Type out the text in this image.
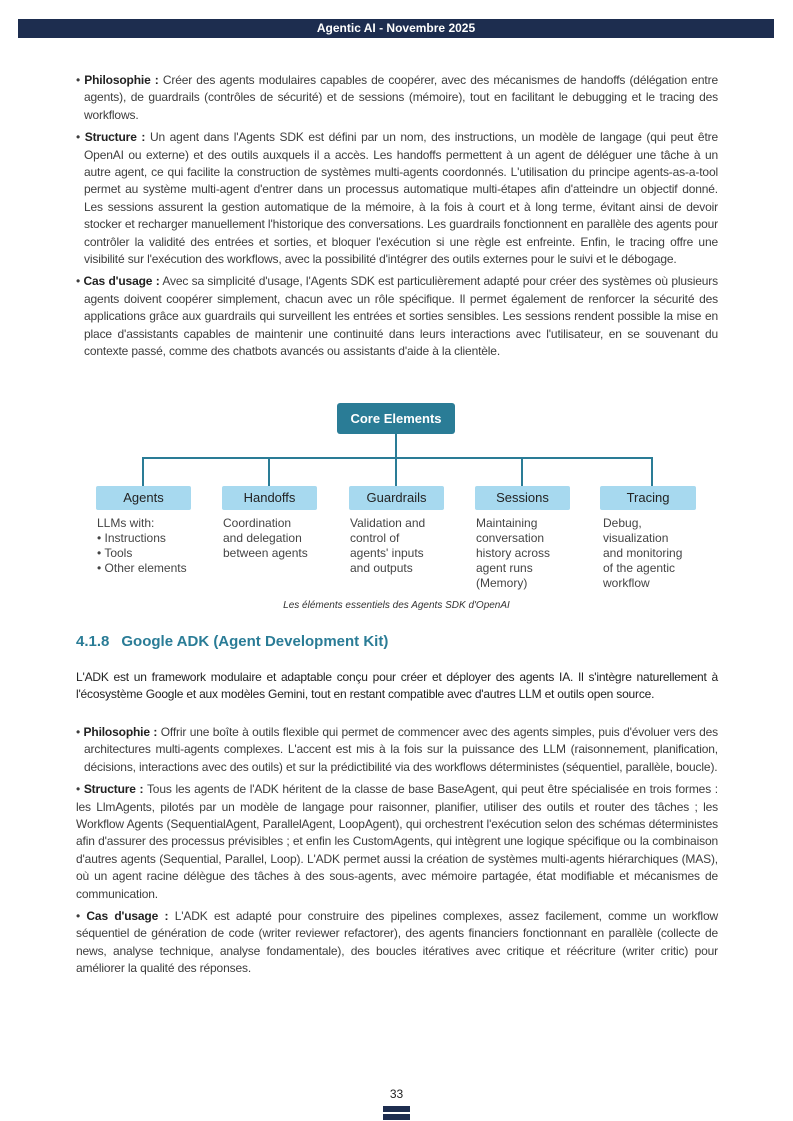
Agentic AI - Novembre 2025

• Philosophie : Créer des agents modulaires capables de coopérer, avec des mécanismes de handoffs (délégation entre agents), de guardrails (contrôles de sécurité) et de sessions (mémoire), tout en facilitant le debugging et le tracing des workflows.

• Structure : Un agent dans l'Agents SDK est défini par un nom, des instructions, un modèle de langage (qui peut être OpenAI ou externe) et des outils auxquels il a accès. Les handoffs permettent à un agent de déléguer une tâche à un autre agent, ce qui facilite la construction de systèmes multi-agents coordonnés. L'utilisation du principe agents-as-a-tool permet au système multi-agent d'entrer dans un processus automatique multi-étapes afin d'atteindre un objectif donné. Les sessions assurent la gestion automatique de la mémoire, à la fois à court et à long terme, évitant ainsi de devoir stocker et recharger manuellement l'historique des conversations. Les guardrails fonctionnent en parallèle des agents pour contrôler la validité des entrées et sorties, et bloquer l'exécution si une règle est enfreinte. Enfin, le tracing offre une visibilité sur l'exécution des workflows, avec la possibilité d'intégrer des outils externes pour le suivi et le débogage.

• Cas d'usage : Avec sa simplicité d'usage, l'Agents SDK est particulièrement adapté pour créer des systèmes où plusieurs agents doivent coopérer simplement, chacun avec un rôle spécifique. Il permet également de renforcer la sécurité des applications grâce aux guardrails qui surveillent les entrées et sorties sensibles. Les sessions rendent possible la mise en place d'assistants capables de maintenir une continuité dans leurs interactions avec l'utilisateur, en se souvenant du contexte passé, comme des chatbots avancés ou assistants d'aide à la clientèle.

Core Elements
Agents	Handoffs	Guardrails	Sessions	Tracing
LLMs with:
• Instructions
• Tools
• Other elements
Coordination
and delegation
between agents
Validation and
control of
agents' inputs
and outputs
Maintaining
conversation
history across
agent runs
(Memory)
Debug,
visualization
and monitoring
of the agentic
workflow
Les éléments essentiels des Agents SDK d'OpenAI
4.1.8 Google ADK (Agent Development Kit)
L'ADK est un framework modulaire et adaptable conçu pour créer et déployer des agents IA. Il s'intègre naturellement à l'écosystème Google et aux modèles Gemini, tout en restant compatible avec d'autres LLM et outils open source.

• Philosophie : Offrir une boîte à outils flexible qui permet de commencer avec des agents simples, puis d'évoluer vers des architectures multi-agents complexes. L'accent est mis à la fois sur la puissance des LLM (raisonnement, planification, décisions, interactions avec des outils) et sur la prédictibilité via des workflows déterministes (séquentiel, parallèle, boucle).

• Structure : Tous les agents de l'ADK héritent de la classe de base BaseAgent, qui peut être spécialisée en trois formes : les LlmAgents, pilotés par un modèle de langage pour raisonner, planifier, utiliser des outils et router des tâches ; les Workflow Agents (SequentialAgent, ParallelAgent, LoopAgent), qui orchestrent l'exécution selon des schémas déterministes afin d'assurer des processus prévisibles ; et enfin les CustomAgents, qui intègrent une logique spécifique ou la combinaison d'autres agents (Sequential, Parallel, Loop). L'ADK permet aussi la création de systèmes multi-agents hiérarchiques (MAS), où un agent racine délègue des tâches à des sous-agents, avec mémoire partagée, état modifiable et mécanismes de communication.

• Cas d'usage : L'ADK est adapté pour construire des pipelines complexes, assez facilement, comme un workflow séquentiel de génération de code (writer reviewer refactorer), des agents financiers fonctionnant en parallèle (collecte de news, analyse technique, analyse fondamentale), des boucles itératives avec critique et réécriture (writer critic) pour améliorer la qualité des réponses.

33
